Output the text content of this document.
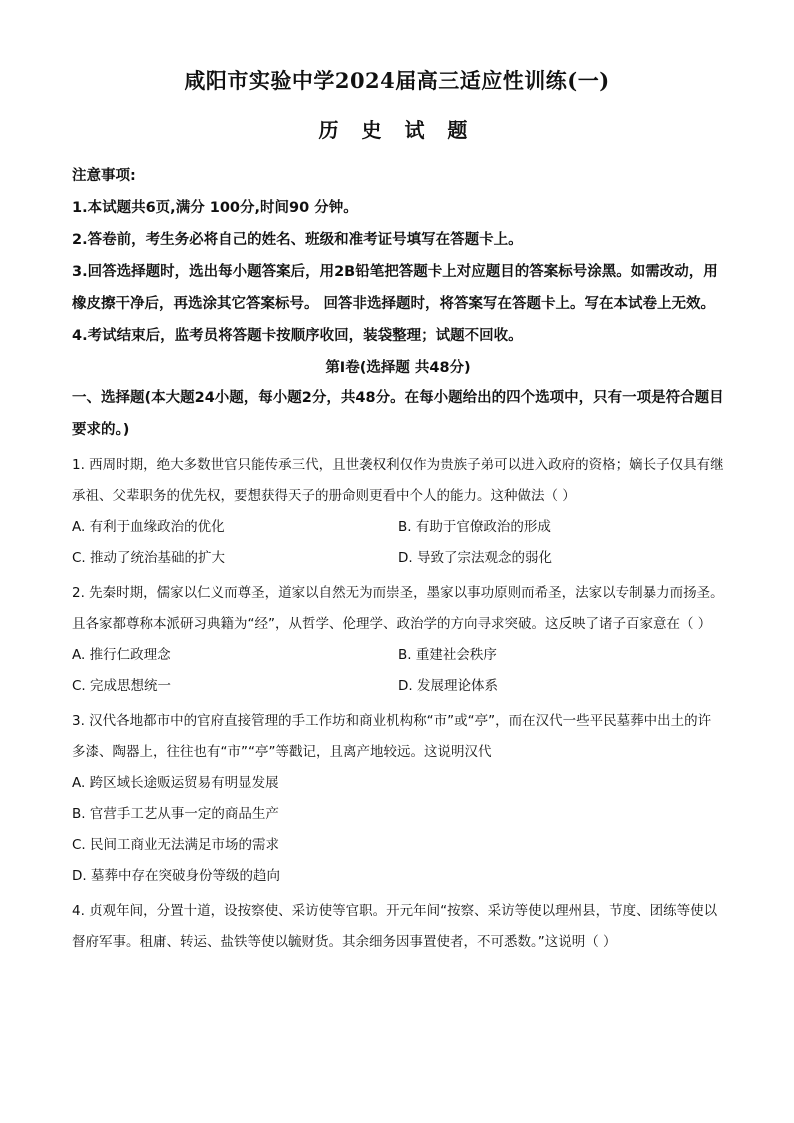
咸阳市实验中学2024届高三适应性训练(一)
历 史 试 题
注意事项:
1.本试题共6页,满分 100分,时间90 分钟。
2.答卷前，考生务必将自己的姓名、班级和准考证号填写在答题卡上。
3.回答选择题时，选出每小题答案后，用2B铅笔把答题卡上对应题目的答案标号涂黑。如需改动，用橡皮擦干净后，再选涂其它答案标号。 回答非选择题时，将答案写在答题卡上。写在本试卷上无效。
4.考试结束后，监考员将答题卡按顺序收回，装袋整理；试题不回收。
第Ⅰ卷(选择题 共48分)
一、选择题(本大题24小题，每小题2分，共48分。在每小题给出的四个选项中，只有一项是符合题目要求的。)
1. 西周时期，绝大多数世官只能传承三代，且世袭权利仅作为贵族子弟可以进入政府的资格；嫡长子仅具有继承祖、父辈职务的优先权，要想获得天子的册命则更看中个人的能力。这种做法（ ）
A. 有利于血缘政治的优化	B. 有助于官僚政治的形成
C. 推动了统治基础的扩大	D. 导致了宗法观念的弱化
2. 先秦时期，儒家以仁义而尊圣，道家以自然无为而崇圣，墨家以事功原则而希圣，法家以专制暴力而扬圣。且各家都尊称本派研习典籍为“经”，从哲学、伦理学、政治学的方向寻求突破。这反映了诸子百家意在（ ）
A. 推行仁政理念	B. 重建社会秩序
C. 完成思想统一	D. 发展理论体系
3. 汉代各地都市中的官府直接管理的手工作坊和商业机构称“市”或“亭”，而在汉代一些平民墓葬中出土的许多漆、陶器上，往往也有“市”“亭”等戳记，且离产地较远。这说明汉代
A. 跨区域长途贩运贸易有明显发展
B. 官营手工艺从事一定的商品生产
C. 民间工商业无法满足市场的需求
D. 墓葬中存在突破身份等级的趋向
4. 贞观年间，分置十道，设按察使、采访使等官职。开元年间“按察、采访等使以理州县，节度、团练等使以督府军事。租庸、转运、盐铁等使以毓财货。其余细务因事置使者，不可悉数。”这说明（ ）
